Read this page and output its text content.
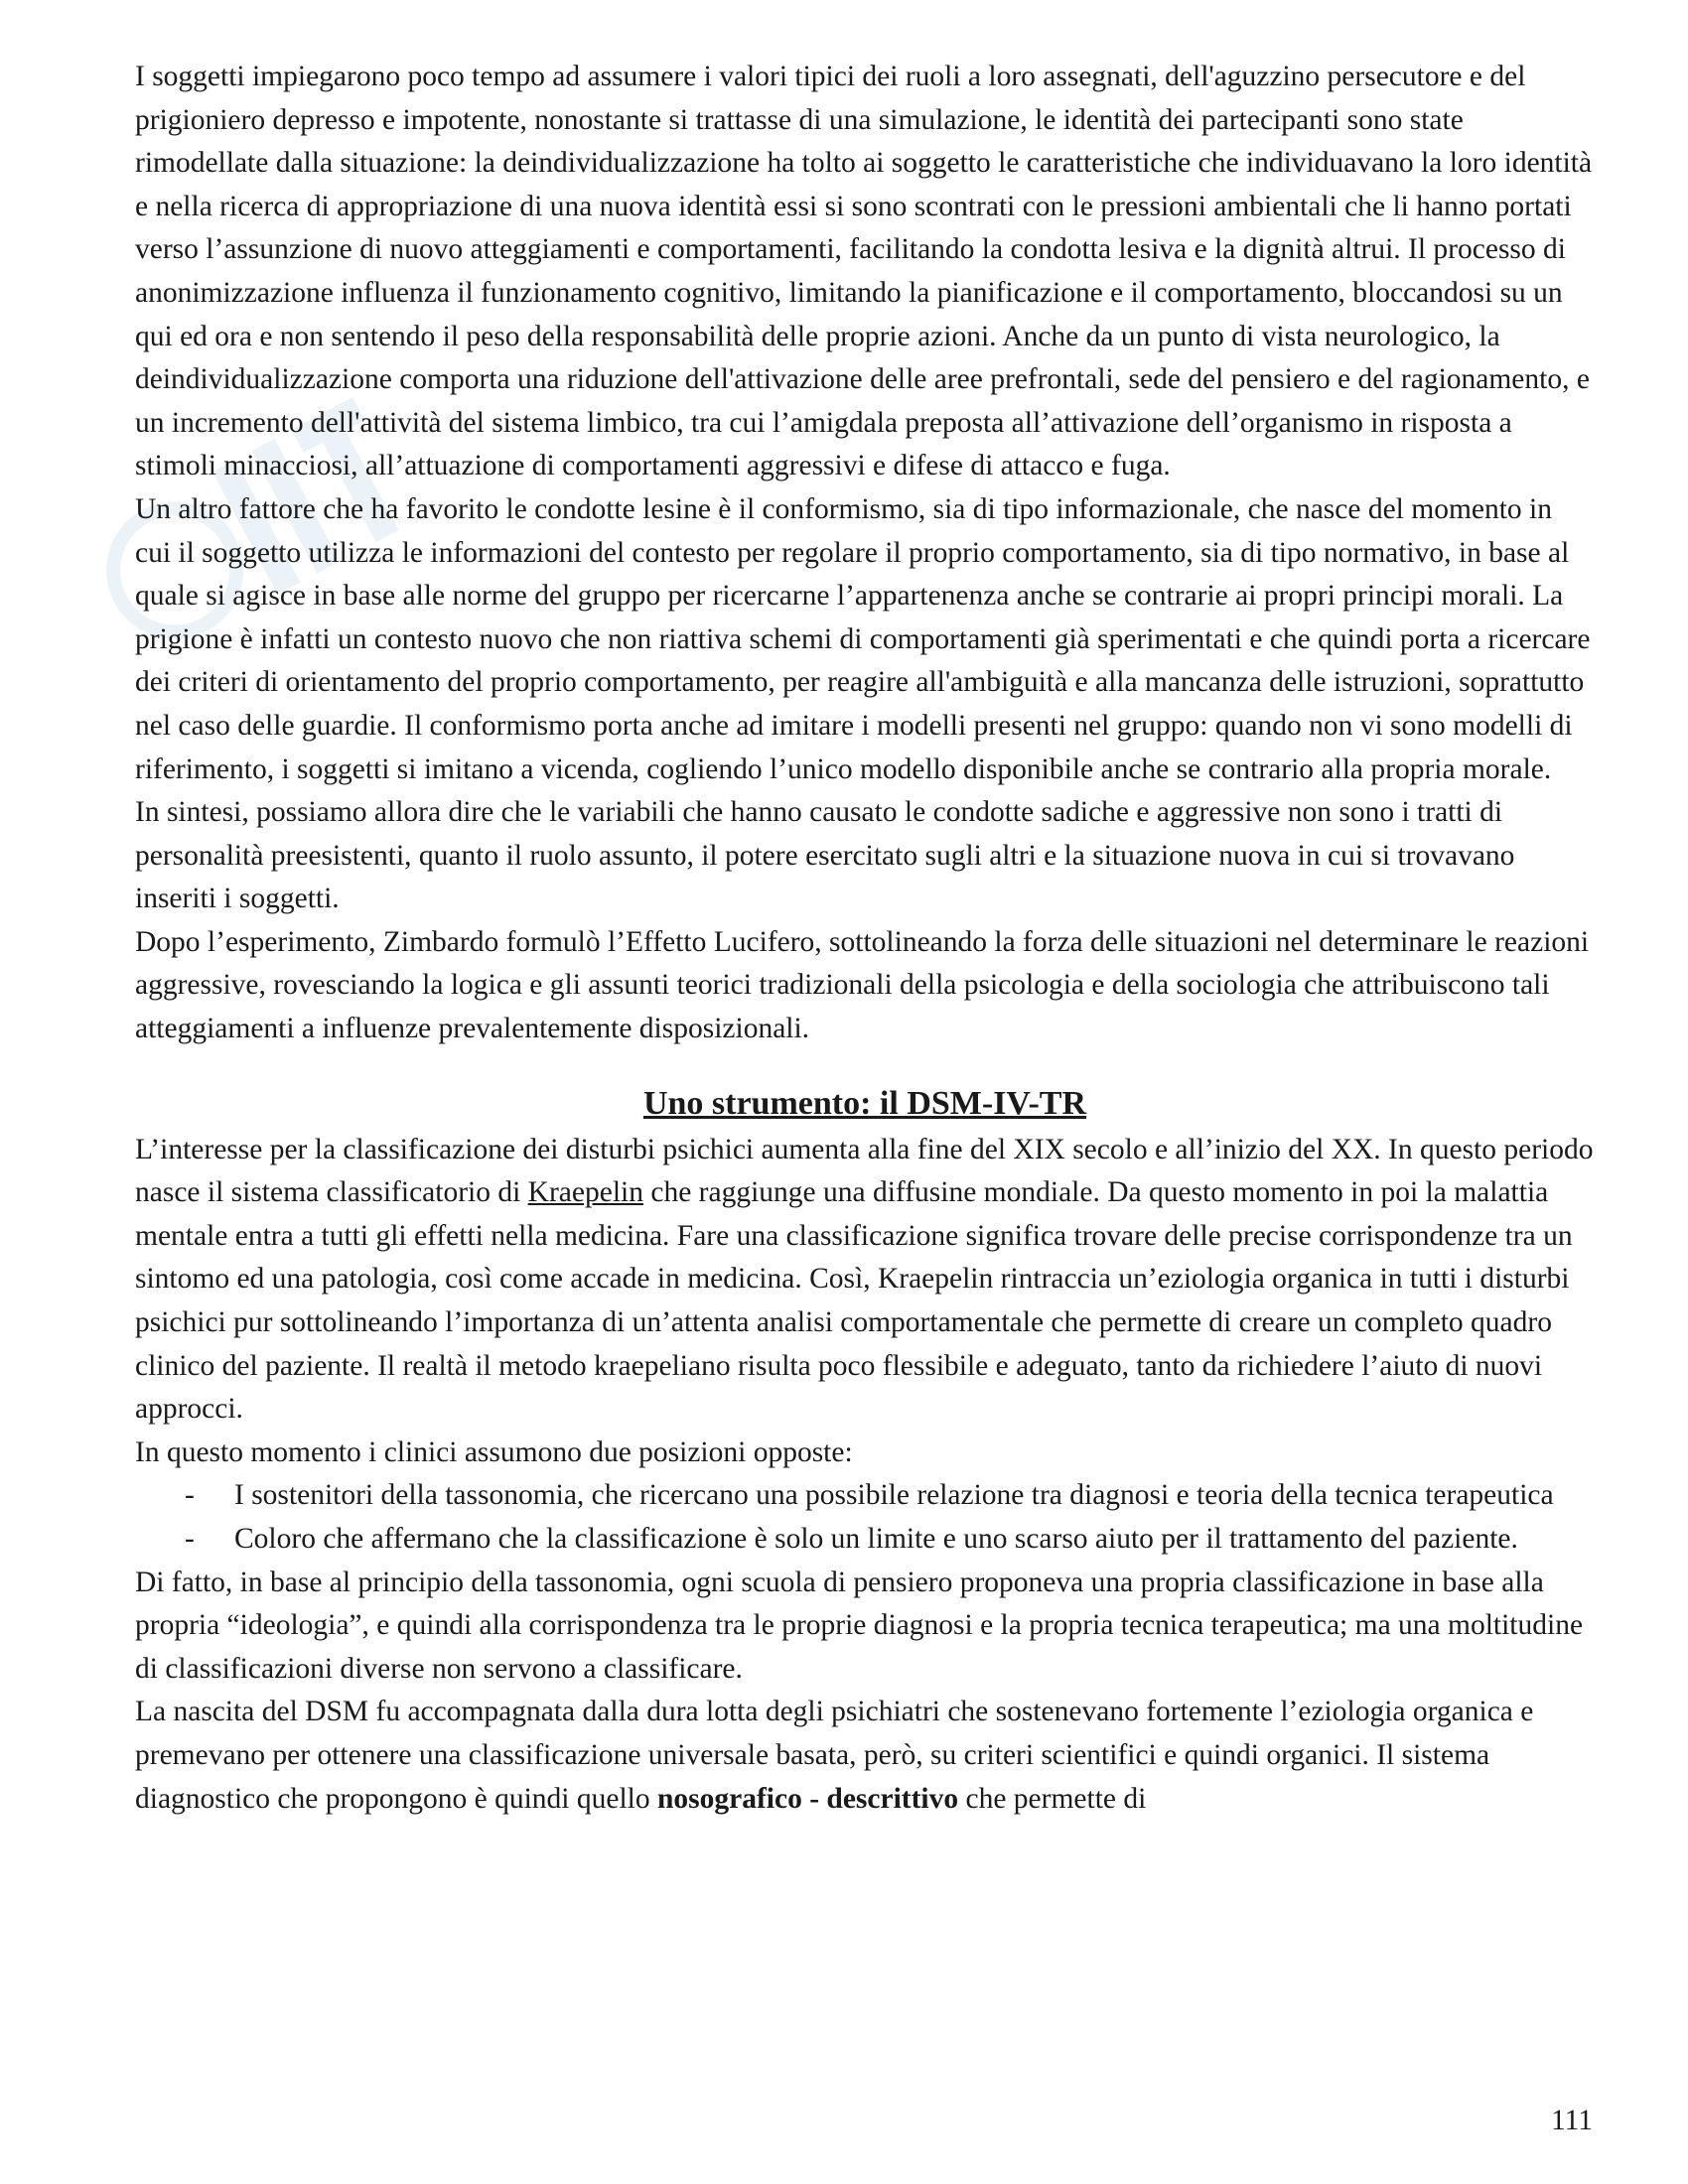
I soggetti impiegarono poco tempo ad assumere i valori tipici dei ruoli a loro assegnati, dell'aguzzino persecutore e del prigioniero depresso e impotente, nonostante si trattasse di una simulazione, le identità dei partecipanti sono state rimodellate dalla situazione: la deindividualizzazione ha tolto ai soggetto le caratteristiche che individuavano la loro identità e nella ricerca di appropriazione di una nuova identità essi si sono scontrati con le pressioni ambientali che li hanno portati verso l’assunzione di nuovo atteggiamenti e comportamenti, facilitando la condotta lesiva e la dignità altrui. Il processo di anonimizzazione influenza il funzionamento cognitivo, limitando la pianificazione e il comportamento, bloccandosi su un qui ed ora e non sentendo il peso della responsabilità delle proprie azioni. Anche da un punto di vista neurologico, la deindividualizzazione comporta una riduzione dell'attivazione delle aree prefrontali, sede del pensiero e del ragionamento, e un incremento dell'attività del sistema limbico, tra cui l’amigdala preposta all’attivazione dell’organismo in risposta a stimoli minacciosi, all’attuazione di comportamenti aggressivi e difese di attacco e fuga.

Un altro fattore che ha favorito le condotte lesine è il conformismo, sia di tipo informazionale, che nasce del momento in cui il soggetto utilizza le informazioni del contesto per regolare il proprio comportamento, sia di tipo normativo, in base al quale si agisce in base alle norme del gruppo per ricercarne l’appartenenza anche se contrarie ai propri principi morali. La prigione è infatti un contesto nuovo che non riattiva schemi di comportamenti già sperimentati e che quindi porta a ricercare dei criteri di orientamento del proprio comportamento, per reagire all'ambiguità e alla mancanza delle istruzioni, soprattutto nel caso delle guardie. Il conformismo porta anche ad imitare i modelli presenti nel gruppo: quando non vi sono modelli di riferimento, i soggetti si imitano a vicenda, cogliendo l’unico modello disponibile anche se contrario alla propria morale.

In sintesi, possiamo allora dire che le variabili che hanno causato le condotte sadiche e aggressive non sono i tratti di personalità preesistenti, quanto il ruolo assunto, il potere esercitato sugli altri e la situazione nuova in cui si trovavano inseriti i soggetti.

Dopo l’esperimento, Zimbardo formulò l’Effetto Lucifero, sottolineando la forza delle situazioni nel determinare le reazioni aggressive, rovesciando la logica e gli assunti teorici tradizionali della psicologia e della sociologia che attribuiscono tali atteggiamenti a influenze prevalentemente disposizionali.

Uno strumento: il DSM-IV-TR

L’interesse per la classificazione dei disturbi psichici aumenta alla fine del XIX secolo e all’inizio del XX. In questo periodo nasce il sistema classificatorio di Kraepelin che raggiunge una diffusine mondiale. Da questo momento in poi la malattia mentale entra a tutti gli effetti nella medicina. Fare una classificazione significa trovare delle precise corrispondenze tra un sintomo ed una patologia, così come accade in medicina. Così, Kraepelin rintraccia un’eziologia organica in tutti i disturbi psichici pur sottolineando l’importanza di un’attenta analisi comportamentale che permette di creare un completo quadro clinico del paziente. Il realtà il metodo kraepeliano risulta poco flessibile e adeguato, tanto da richiedere l’aiuto di nuovi approcci.

In questo momento i clinici assumono due posizioni opposte:

- I sostenitori della tassonomia, che ricercano una possibile relazione tra diagnosi e teoria della tecnica terapeutica
- Coloro che affermano che la classificazione è solo un limite e uno scarso aiuto per il trattamento del paziente.

Di fatto, in base al principio della tassonomia, ogni scuola di pensiero proponeva una propria classificazione in base alla propria “ideologia”, e quindi alla corrispondenza tra le proprie diagnosi e la propria tecnica terapeutica; ma una moltitudine di classificazioni diverse non servono a classificare.

La nascita del DSM fu accompagnata dalla dura lotta degli psichiatri che sostenevano fortemente l’eziologia organica e premevano per ottenere una classificazione universale basata, però, su criteri scientifici e quindi organici. Il sistema diagnostico che propongono è quindi quello nosografico - descrittivo che permette di

111
